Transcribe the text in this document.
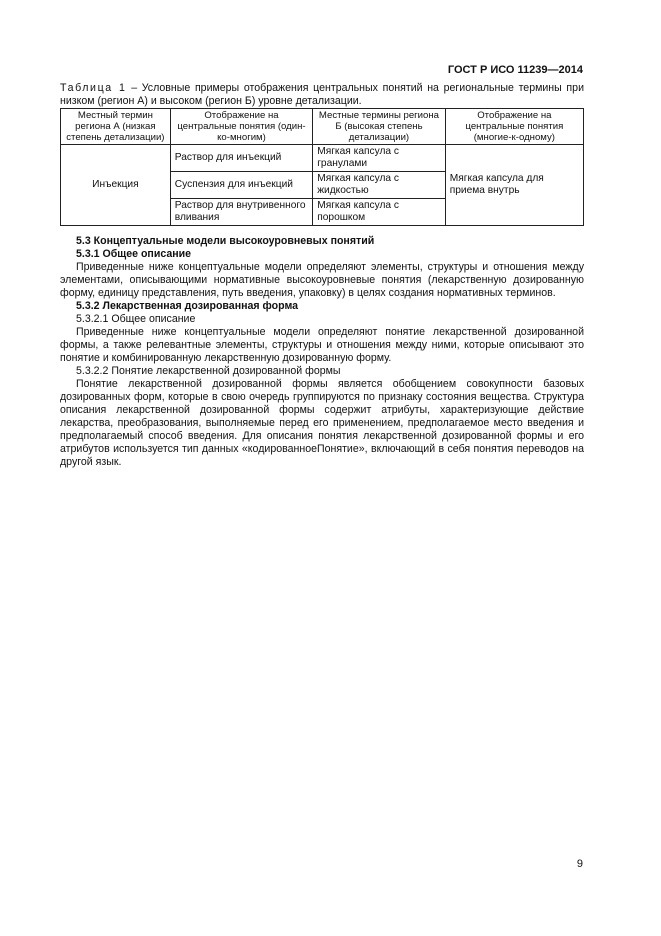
ГОСТ Р ИСО 11239—2014
Таблица 1 – Условные примеры отображения центральных понятий на региональные термины при низком (регион А) и высоком (регион Б) уровне детализации.
Местный термин региона А (низкая степень детализации)	Отображение на центральные понятия (один-ко-многим)	Местные термины региона Б (высокая степень детализации)	Отображение на центральные понятия (многие-к-одному)
Инъекция	Раствор для инъекций	Мягкая капсула с гранулами	Мягкая капсула для приема внутрь
	Суспензия для инъекций	Мягкая капсула с жидкостью	
	Раствор для внутривенного вливания	Мягкая капсула с порошком	
5.3 Концептуальные модели высокоуровневых понятий
5.3.1 Общее описание

Приведенные ниже концептуальные модели определяют элементы, структуры и отношения между элементами, описывающими нормативные высокоуровневые понятия (лекарственную дозированную форму, единицу представления, путь введения, упаковку) в целях создания нормативных терминов.

5.3.2 Лекарственная дозированная форма
5.3.2.1 Общее описание

Приведенные ниже концептуальные модели определяют понятие лекарственной дозированной формы, а также релевантные элементы, структуры и отношения между ними, которые описывают это понятие и комбинированную лекарственную дозированную форму.

5.3.2.2 Понятие лекарственной дозированной формы

Понятие лекарственной дозированной формы является обобщением совокупности базовых дозированных форм, которые в свою очередь группируются по признаку состояния вещества. Структура описания лекарственной дозированной формы содержит атрибуты, характеризующие действие лекарства, преобразования, выполняемые перед его применением, предполагаемое место введения и предполагаемый способ введения. Для описания понятия лекарственной дозированной формы и его атрибутов используется тип данных «кодированноеПонятие», включающий в себя понятия переводов на другой язык.

9
